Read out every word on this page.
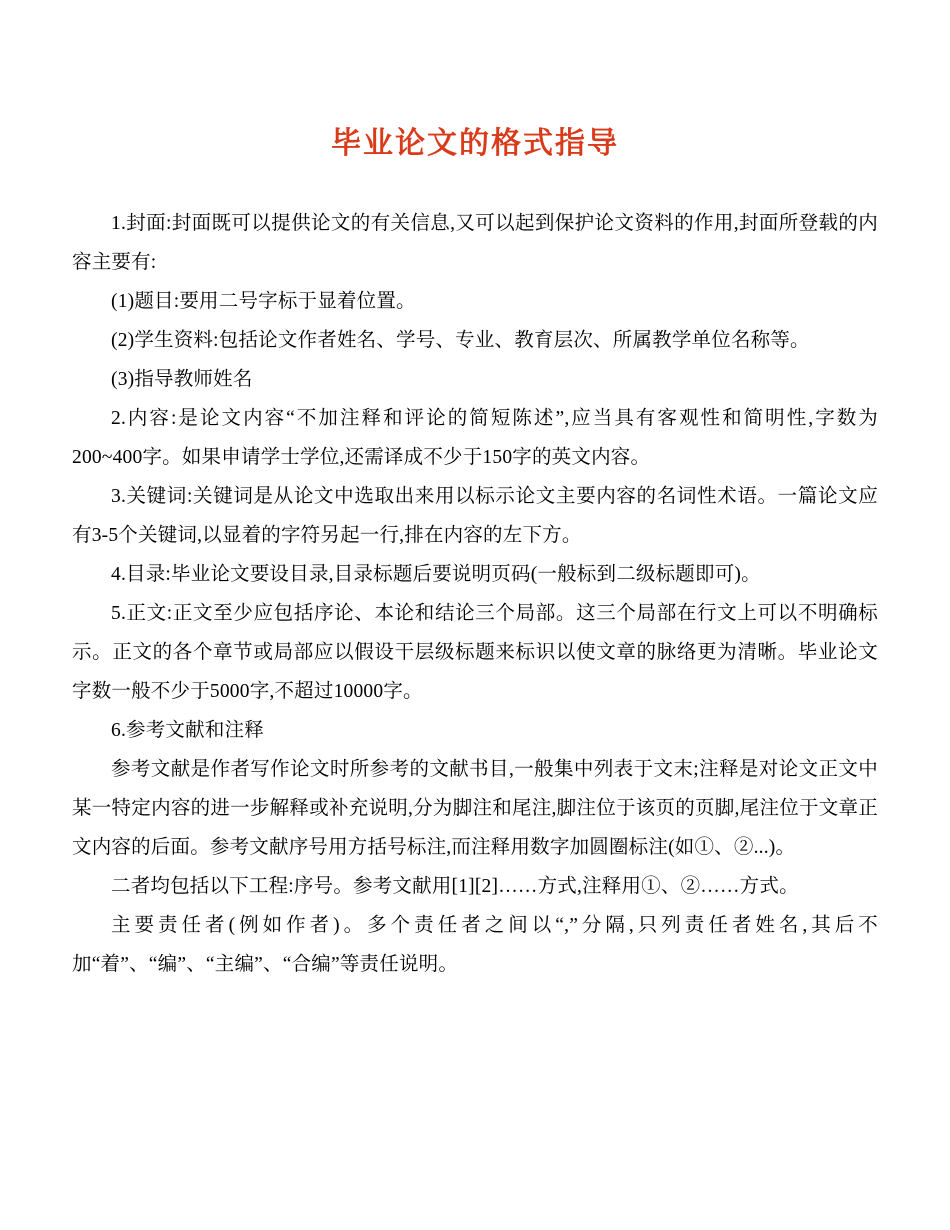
毕业论文的格式指导

1.封面:封面既可以提供论文的有关信息,又可以起到保护论文资料的作用,封面所登载的内容主要有:

(1)题目:要用二号字标于显着位置。

(2)学生资料:包括论文作者姓名、学号、专业、教育层次、所属教学单位名称等。

(3)指导教师姓名

2.内容:是论文内容“不加注释和评论的简短陈述”,应当具有客观性和简明性,字数为200~400字。如果申请学士学位,还需译成不少于150字的英文内容。

3.关键词:关键词是从论文中选取出来用以标示论文主要内容的名词性术语。一篇论文应有3-5个关键词,以显着的字符另起一行,排在内容的左下方。

4.目录:毕业论文要设目录,目录标题后要说明页码(一般标到二级标题即可)。

5.正文:正文至少应包括序论、本论和结论三个局部。这三个局部在行文上可以不明确标示。正文的各个章节或局部应以假设干层级标题来标识以使文章的脉络更为清晰。毕业论文字数一般不少于5000字,不超过10000字。

6.参考文献和注释

参考文献是作者写作论文时所参考的文献书目,一般集中列表于文末;注释是对论文正文中某一特定内容的进一步解释或补充说明,分为脚注和尾注,脚注位于该页的页脚,尾注位于文章正文内容的后面。参考文献序号用方括号标注,而注释用数字加圆圈标注(如①、②...)。

二者均包括以下工程:序号。参考文献用[1][2]……方式,注释用①、②……方式。

主要责任者(例如作者)。多个责任者之间以“,”分隔,只列责任者姓名,其后不加“着”、“编”、“主编”、“合编”等责任说明。
